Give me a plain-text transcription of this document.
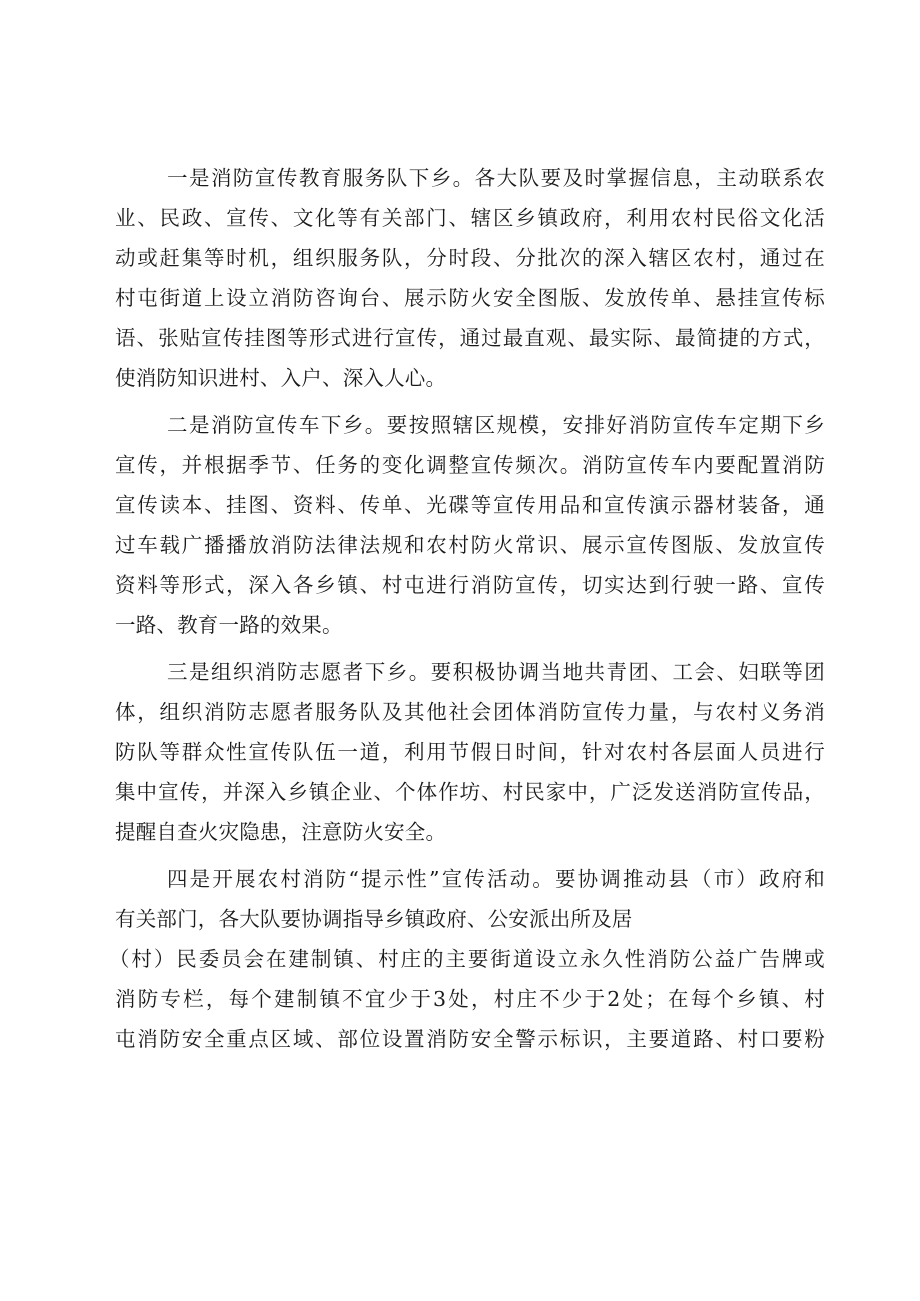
一是消防宣传教育服务队下乡。各大队要及时掌握信息，主动联系农
业、民政、宣传、文化等有关部门、辖区乡镇政府，利用农村民俗文化活
动或赶集等时机，组织服务队，分时段、分批次的深入辖区农村，通过在
村屯街道上设立消防咨询台、展示防火安全图版、发放传单、悬挂宣传标
语、张贴宣传挂图等形式进行宣传，通过最直观、最实际、最简捷的方式，
使消防知识进村、入户、深入人心。
二是消防宣传车下乡。要按照辖区规模，安排好消防宣传车定期下乡
宣传，并根据季节、任务的变化调整宣传频次。消防宣传车内要配置消防
宣传读本、挂图、资料、传单、光碟等宣传用品和宣传演示器材装备，通
过车载广播播放消防法律法规和农村防火常识、展示宣传图版、发放宣传
资料等形式，深入各乡镇、村屯进行消防宣传，切实达到行驶一路、宣传
一路、教育一路的效果。
三是组织消防志愿者下乡。要积极协调当地共青团、工会、妇联等团
体，组织消防志愿者服务队及其他社会团体消防宣传力量，与农村义务消
防队等群众性宣传队伍一道，利用节假日时间，针对农村各层面人员进行
集中宣传，并深入乡镇企业、个体作坊、村民家中，广泛发送消防宣传品，
提醒自查火灾隐患，注意防火安全。
四是开展农村消防“提示性”宣传活动。要协调推动县（市）政府和
有关部门，各大队要协调指导乡镇政府、公安派出所及居
（村）民委员会在建制镇、村庄的主要街道设立永久性消防公益广告牌或
消防专栏，每个建制镇不宜少于3处，村庄不少于2处；在每个乡镇、村
屯消防安全重点区域、部位设置消防安全警示标识，主要道路、村口要粉
